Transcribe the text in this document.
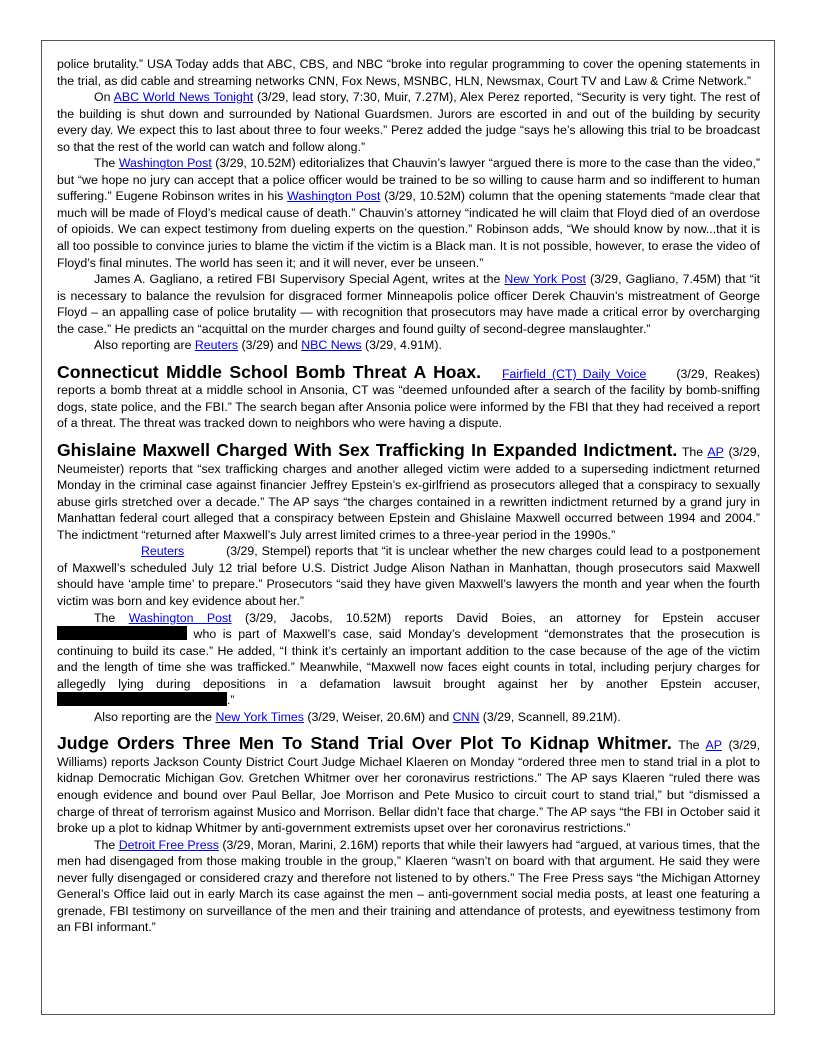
police brutality.” USA Today adds that ABC, CBS, and NBC “broke into regular programming to cover the opening statements in the trial, as did cable and streaming networks CNN, Fox News, MSNBC, HLN, Newsmax, Court TV and Law & Crime Network.”

On ABC World News Tonight (3/29, lead story, 7:30, Muir, 7.27M), Alex Perez reported, “Security is very tight. The rest of the building is shut down and surrounded by National Guardsmen. Jurors are escorted in and out of the building by security every day. We expect this to last about three to four weeks.” Perez added the judge “says he’s allowing this trial to be broadcast so that the rest of the world can watch and follow along.”

The Washington Post (3/29, 10.52M) editorializes that Chauvin’s lawyer “argued there is more to the case than the video,” but “we hope no jury can accept that a police officer would be trained to be so willing to cause harm and so indifferent to human suffering.” Eugene Robinson writes in his Washington Post (3/29, 10.52M) column that the opening statements “made clear that much will be made of Floyd’s medical cause of death.” Chauvin’s attorney “indicated he will claim that Floyd died of an overdose of opioids. We can expect testimony from dueling experts on the question.” Robinson adds, “We should know by now...that it is all too possible to convince juries to blame the victim if the victim is a Black man. It is not possible, however, to erase the video of Floyd’s final minutes. The world has seen it; and it will never, ever be unseen.”

James A. Gagliano, a retired FBI Supervisory Special Agent, writes at the New York Post (3/29, Gagliano, 7.45M) that “it is necessary to balance the revulsion for disgraced former Minneapolis police officer Derek Chauvin’s mistreatment of George Floyd – an appalling case of police brutality — with recognition that prosecutors may have made a critical error by overcharging the case.” He predicts an “acquittal on the murder charges and found guilty of second-degree manslaughter.”

Also reporting are Reuters (3/29) and NBC News (3/29, 4.91M).

Connecticut Middle School Bomb Threat A Hoax. Fairfield (CT) Daily Voice (3/29, Reakes) reports a bomb threat at a middle school in Ansonia, CT was “deemed unfounded after a search of the facility by bomb-sniffing dogs, state police, and the FBI.” The search began after Ansonia police were informed by the FBI that they had received a report of a threat. The threat was tracked down to neighbors who were having a dispute.

Ghislaine Maxwell Charged With Sex Trafficking In Expanded Indictment. The AP (3/29, Neumeister) reports that “sex trafficking charges and another alleged victim were added to a superseding indictment returned Monday in the criminal case against financier Jeffrey Epstein’s ex-girlfriend as prosecutors alleged that a conspiracy to sexually abuse girls stretched over a decade.” The AP says “the charges contained in a rewritten indictment returned by a grand jury in Manhattan federal court alleged that a conspiracy between Epstein and Ghislaine Maxwell occurred between 1994 and 2004.” The indictment “returned after Maxwell’s July arrest limited crimes to a three-year period in the 1990s.”

Reuters	(3/29, Stempel) reports that “it is unclear whether the new charges could lead to a postponement of Maxwell’s scheduled July 12 trial before U.S. District Judge Alison Nathan in Manhattan, though prosecutors said Maxwell should have ‘ample time’ to prepare.” Prosecutors “said they have given Maxwell’s lawyers the month and year when the fourth victim was born and key evidence about her.”

The Washington Post (3/29, Jacobs, 10.52M) reports David Boies, an attorney for Epstein accuser who is part of Maxwell’s case, said Monday’s development “demonstrates that the prosecution is continuing to build its case.” He added, “I think it’s certainly an important addition to the case because of the age of the victim and the length of time she was trafficked.” Meanwhile, “Maxwell now faces eight counts in total, including perjury charges for allegedly lying during depositions in a defamation lawsuit brought against her by another Epstein accuser,.”

Also reporting are the New York Times (3/29, Weiser, 20.6M) and CNN (3/29, Scannell, 89.21M).

Judge Orders Three Men To Stand Trial Over Plot To Kidnap Whitmer. The AP (3/29, Williams) reports Jackson County District Court Judge Michael Klaeren on Monday “ordered three men to stand trial in a plot to kidnap Democratic Michigan Gov. Gretchen Whitmer over her coronavirus restrictions.” The AP says Klaeren “ruled there was enough evidence and bound over Paul Bellar, Joe Morrison and Pete Musico to circuit court to stand trial,” but “dismissed a charge of threat of terrorism against Musico and Morrison. Bellar didn’t face that charge.” The AP says “the FBI in October said it broke up a plot to kidnap Whitmer by anti-government extremists upset over her coronavirus restrictions.”

The Detroit Free Press (3/29, Moran, Marini, 2.16M) reports that while their lawyers had “argued, at various times, that the men had disengaged from those making trouble in the group,” Klaeren “wasn’t on board with that argument. He said they were never fully disengaged or considered crazy and therefore not listened to by others.” The Free Press says “the Michigan Attorney General’s Office laid out in early March its case against the men – anti-government social media posts, at least one featuring a grenade, FBI testimony on surveillance of the men and their training and attendance of protests, and eyewitness testimony from an FBI informant.”
